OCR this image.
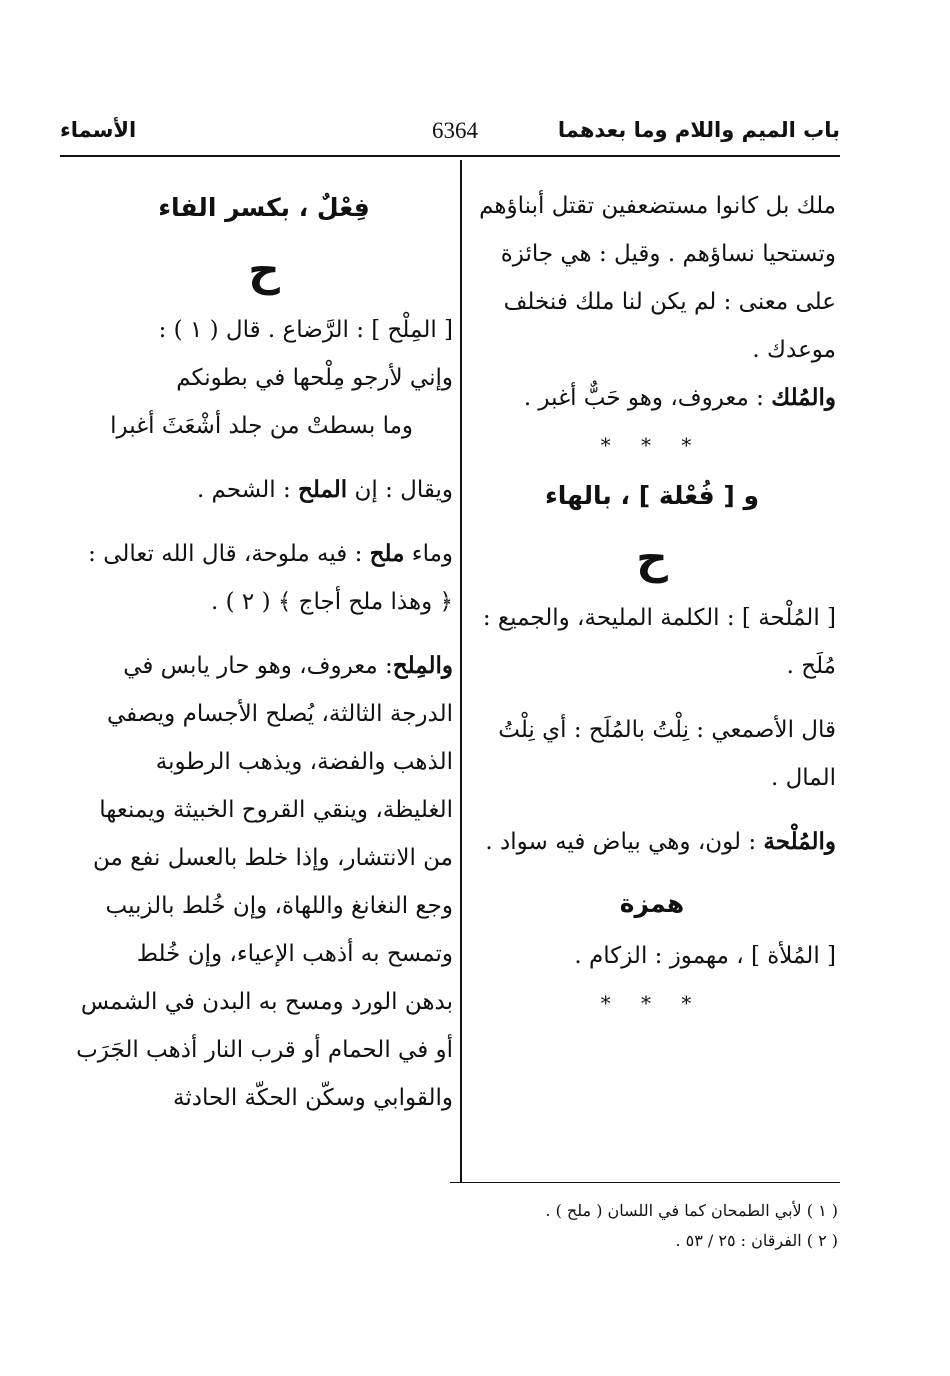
باب الميم واللام وما بعدهما
6364
الأسماء
ملك بل كانوا مستضعفين تقتل أبناؤهم
وتستحيا نساؤهم . وقيل : هي جائزة
على معنى : لم يكن لنا ملك فنخلف
موعدك .
والمُلك : معروف، وهو حَبٌّ أغبر .
* * *
و [ فُعْلة ] ، بالهاء
ح
[ المُلْحة ] : الكلمة المليحة، والجميع :
مُلَح .
قال الأصمعي : نِلْتُ بالمُلَح : أي نِلْتُ
المال .
والمُلْحة : لون، وهي بياض فيه سواد .
همزة
[ المُلأة ] ، مهموز : الزكام .
* * *
فِعْلٌ ، بكسر الفاء
ح
[ المِلْح ] : الرَّضاع . قال ( ١ ) :
وإني لأرجو مِلْحها في بطونكم
وما بسطتْ من جلد أشْعَثَ أغبرا
ويقال : إن الملح : الشحم .
وماء ملح : فيه ملوحة، قال الله تعالى :
﴿ وهذا ملح أجاج ﴾ ( ٢ ) .
والمِلح: معروف، وهو حار يابس في
الدرجة الثالثة، يُصلح الأجسام ويصفي
الذهب والفضة، ويذهب الرطوبة
الغليظة، وينقي القروح الخبيثة ويمنعها
من الانتشار، وإذا خلط بالعسل نفع من
وجع النغانغ واللهاة، وإن خُلط بالزبيب
وتمسح به أذهب الإعياء، وإن خُلط
بدهن الورد ومسح به البدن في الشمس
أو في الحمام أو قرب النار أذهب الجَرَب
والقوابي وسكّن الحكّة الحادثة
( ١ ) لأبي الطمحان كما في اللسان ( ملح ) .
( ٢ ) الفرقان : ٢٥ / ٥٣ .
